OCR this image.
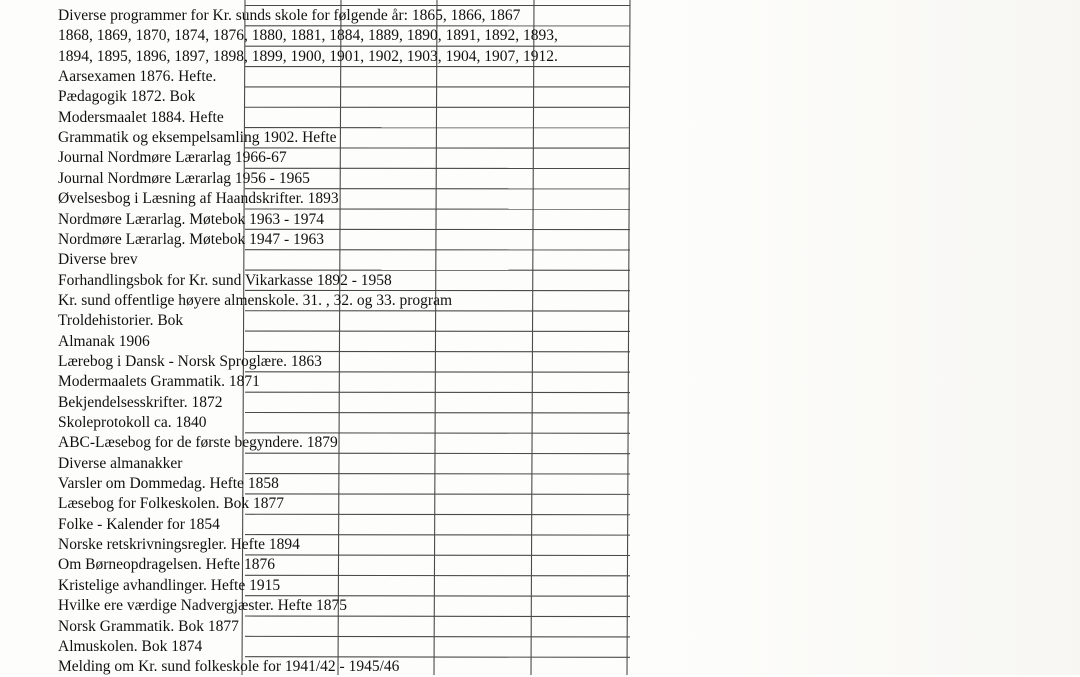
Diverse programmer for Kr. sunds skole for følgende år: 1865, 1866, 1867
1868, 1869, 1870, 1874, 1876, 1880, 1881, 1884, 1889, 1890, 1891, 1892, 1893,
1894, 1895, 1896, 1897, 1898, 1899, 1900, 1901, 1902, 1903, 1904, 1907, 1912.
Aarsexamen 1876. Hefte.
Pædagogik 1872. Bok
Modersmaalet 1884. Hefte
Grammatik og eksempelsamling 1902. Hefte
Journal Nordmøre Lærarlag 1966-67
Journal Nordmøre Lærarlag 1956 - 1965
Øvelsesbog i Læsning af Haandskrifter. 1893
Nordmøre Lærarlag. Møtebok 1963 - 1974
Nordmøre Lærarlag. Møtebok 1947 - 1963
Diverse brev
Forhandlingsbok for Kr. sund Vikarkasse 1892 - 1958
Kr. sund offentlige høyere almenskole. 31. , 32. og 33. program
Troldehistorier. Bok
Almanak 1906
Lærebog i Dansk - Norsk Sproglære. 1863
Modermaalets Grammatik. 1871
Bekjendelsesskrifter. 1872
Skoleprotokoll ca. 1840
ABC-Læsebog for de første begyndere. 1879
Diverse almanakker
Varsler om Dommedag. Hefte 1858
Læsebog for Folkeskolen. Bok 1877
Folke - Kalender for 1854
Norske retskrivningsregler. Hefte 1894
Om Børneopdragelsen. Hefte 1876
Kristelige avhandlinger. Hefte 1915
Hvilke ere værdige Nadvergjæster. Hefte 1875
Norsk Grammatik. Bok 1877
Almuskolen. Bok 1874
Melding om Kr. sund folkeskole for 1941/42 - 1945/46
